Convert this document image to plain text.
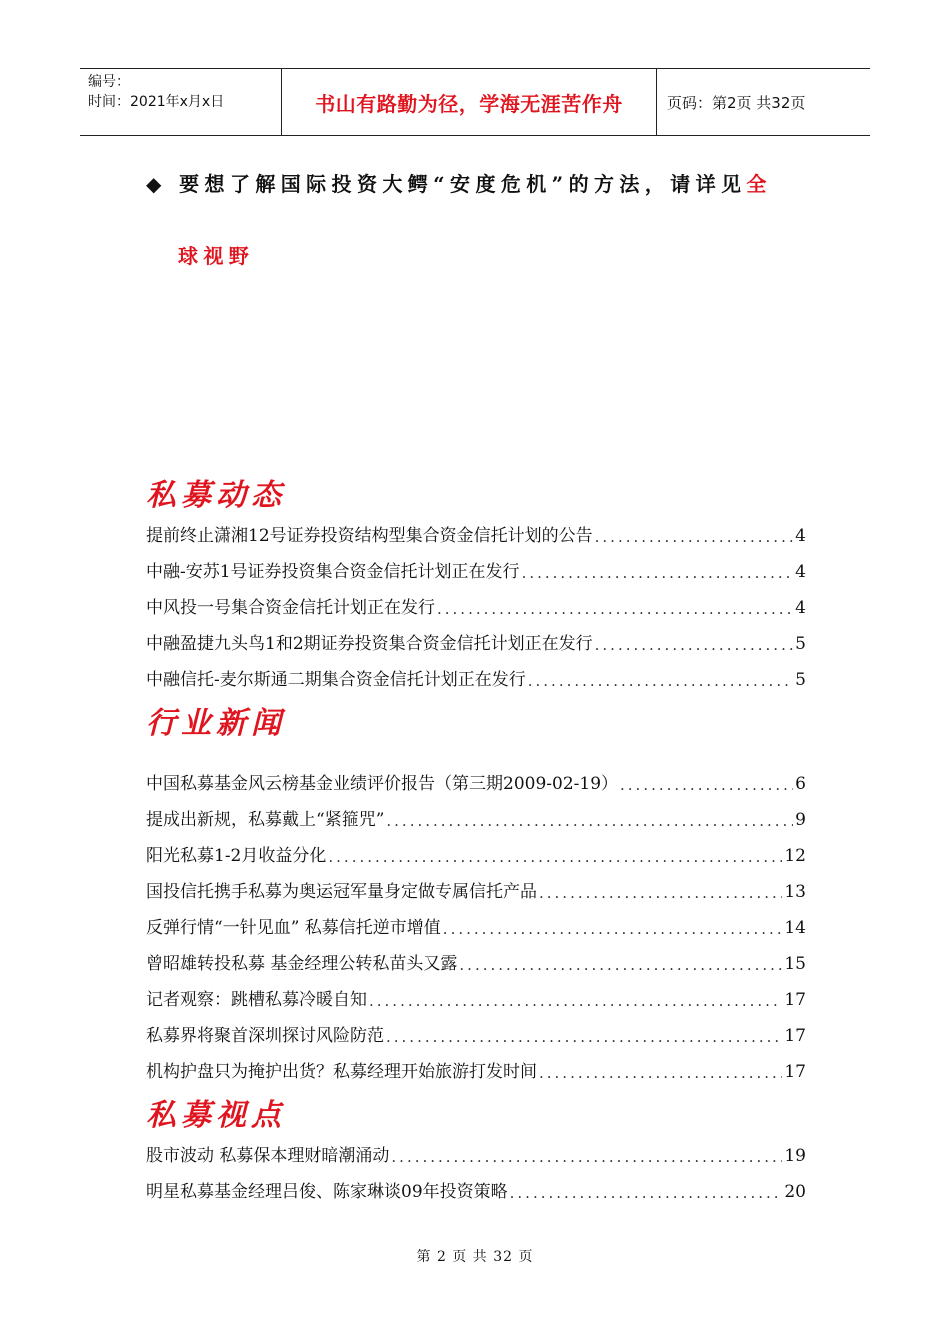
编号：
时间：2021年x月x日	书山有路勤为径，学海无涯苦作舟	页码：第2页 共32页
◆ 要想了解国际投资大鳄“安度危机”的方法，请详见全
球视野
私募动态
提前终止潇湘12号证券投资结构型集合资金信托计划的公告 .....	4
中融-安苏1号证券投资集合资金信托计划正在发行 .....	4
中风投一号集合资金信托计划正在发行 .....	4
中融盈捷九头鸟1和2期证券投资集合资金信托计划正在发行 .....	5
中融信托-麦尔斯通二期集合资金信托计划正在发行 .....	5
行业新闻
中国私募基金风云榜基金业绩评价报告（第三期2009-02-19） .....	6
提成出新规，私募戴上“紧箍咒” .....	9
阳光私募1-2月收益分化 .....	12
国投信托携手私募为奥运冠军量身定做专属信托产品 .....	13
反弹行情“一针见血” 私募信托逆市增值 .....	14
曾昭雄转投私募 基金经理公转私苗头又露 .....	15
记者观察：跳槽私募冷暖自知 .....	17
私募界将聚首深圳探讨风险防范 .....	17
机构护盘只为掩护出货？私募经理开始旅游打发时间 .....	17
私募视点
股市波动 私募保本理财暗潮涌动 .....	19
明星私募基金经理吕俊、陈家琳谈09年投资策略 .....	20
第 2 页 共 32 页
